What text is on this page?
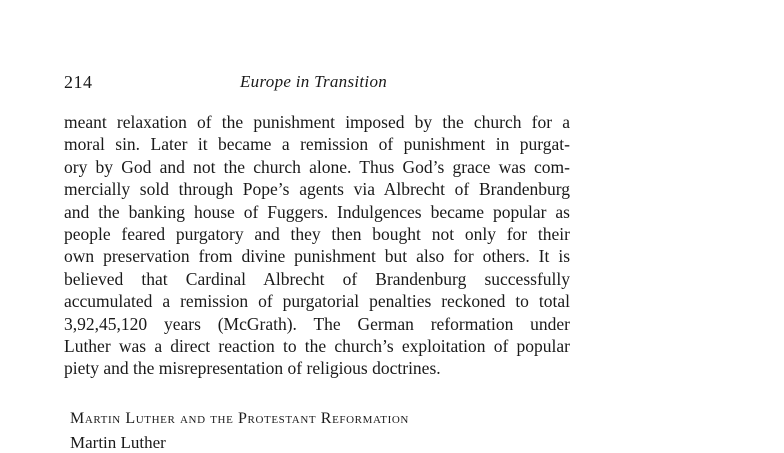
214	Europe in Transition
meant relaxation of the punishment imposed by the church for a
moral sin. Later it became a remission of punishment in purgat-
ory by God and not the church alone. Thus God’s grace was com-
mercially sold through Pope’s agents via Albrecht of Brandenburg
and the banking house of Fuggers. Indulgences became popular as
people feared purgatory and they then bought not only for their
own preservation from divine punishment but also for others. It is
believed that Cardinal Albrecht of Brandenburg successfully
accumulated a remission of purgatorial penalties reckoned to total
3,92,45,120 years (McGrath). The German reformation under
Luther was a direct reaction to the church’s exploitation of popular
piety and the misrepresentation of religious doctrines.
Martin Luther and the Protestant Reformation
Martin Luther
